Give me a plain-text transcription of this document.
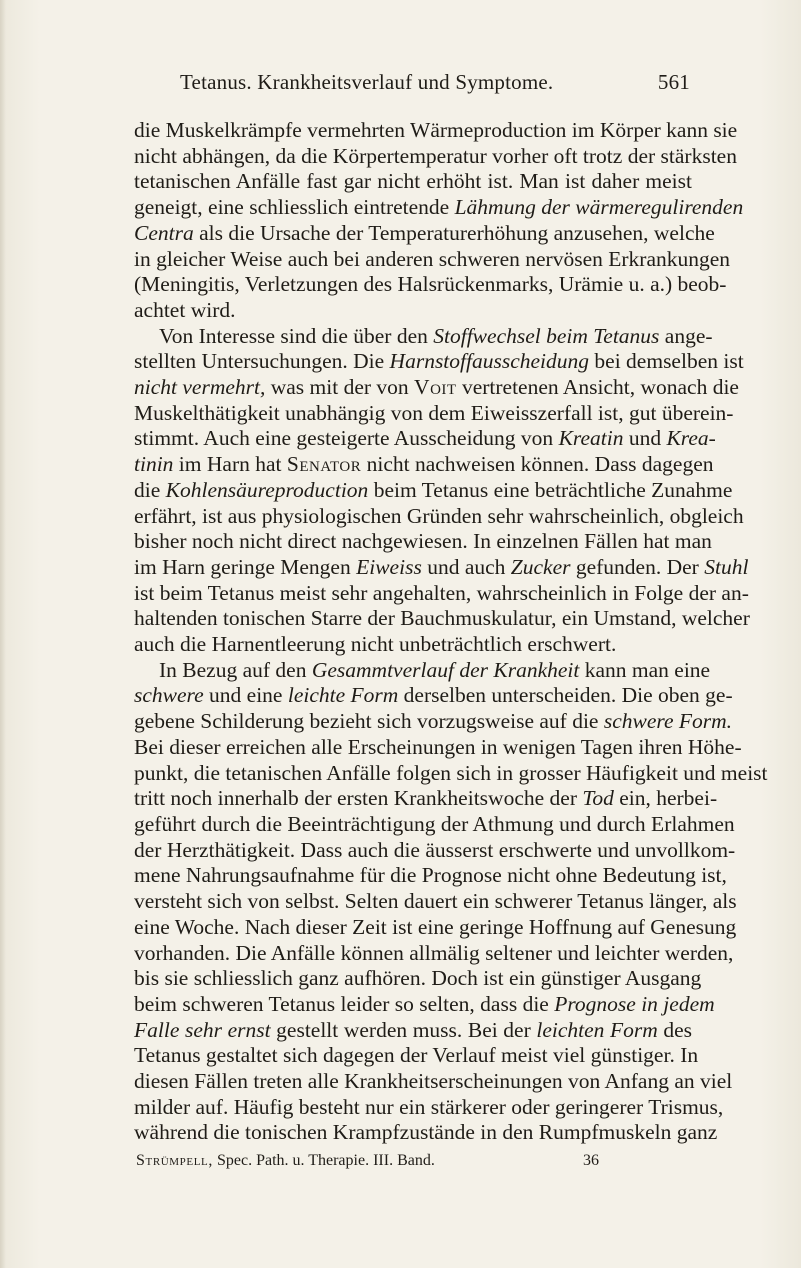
Tetanus. Krankheitsverlauf und Symptome.	561
die Muskelkrämpfe vermehrten Wärmeproduction im Körper kann sie
nicht abhängen, da die Körpertemperatur vorher oft trotz der stärksten
tetanischen Anfälle fast gar nicht erhöht ist. Man ist daher meist
geneigt, eine schliesslich eintretende Lähmung der wärmeregulirenden
Centra als die Ursache der Temperaturerhöhung anzusehen, welche
in gleicher Weise auch bei anderen schweren nervösen Erkrankungen
(Meningitis, Verletzungen des Halsrückenmarks, Urämie u. a.) beob-
achtet wird.
Von Interesse sind die über den Stoffwechsel beim Tetanus ange-
stellten Untersuchungen. Die Harnstoffausscheidung bei demselben ist
nicht vermehrt, was mit der von Voit vertretenen Ansicht, wonach die
Muskelthätigkeit unabhängig von dem Eiweisszerfall ist, gut überein-
stimmt. Auch eine gesteigerte Ausscheidung von Kreatin und Krea-
tinin im Harn hat Senator nicht nachweisen können. Dass dagegen
die Kohlensäureproduction beim Tetanus eine beträchtliche Zunahme
erfährt, ist aus physiologischen Gründen sehr wahrscheinlich, obgleich
bisher noch nicht direct nachgewiesen. In einzelnen Fällen hat man
im Harn geringe Mengen Eiweiss und auch Zucker gefunden. Der Stuhl
ist beim Tetanus meist sehr angehalten, wahrscheinlich in Folge der an-
haltenden tonischen Starre der Bauchmuskulatur, ein Umstand, welcher
auch die Harnentleerung nicht unbeträchtlich erschwert.
In Bezug auf den Gesammtverlauf der Krankheit kann man eine
schwere und eine leichte Form derselben unterscheiden. Die oben ge-
gebene Schilderung bezieht sich vorzugsweise auf die schwere Form.
Bei dieser erreichen alle Erscheinungen in wenigen Tagen ihren Höhe-
punkt, die tetanischen Anfälle folgen sich in grosser Häufigkeit und meist
tritt noch innerhalb der ersten Krankheitswoche der Tod ein, herbei-
geführt durch die Beeinträchtigung der Athmung und durch Erlahmen
der Herzthätigkeit. Dass auch die äusserst erschwerte und unvollkom-
mene Nahrungsaufnahme für die Prognose nicht ohne Bedeutung ist,
versteht sich von selbst. Selten dauert ein schwerer Tetanus länger, als
eine Woche. Nach dieser Zeit ist eine geringe Hoffnung auf Genesung
vorhanden. Die Anfälle können allmälig seltener und leichter werden,
bis sie schliesslich ganz aufhören. Doch ist ein günstiger Ausgang
beim schweren Tetanus leider so selten, dass die Prognose in jedem
Falle sehr ernst gestellt werden muss. Bei der leichten Form des
Tetanus gestaltet sich dagegen der Verlauf meist viel günstiger. In
diesen Fällen treten alle Krankheitserscheinungen von Anfang an viel
milder auf. Häufig besteht nur ein stärkerer oder geringerer Trismus,
während die tonischen Krampfzustände in den Rumpfmuskeln ganz
Strümpell, Spec. Path. u. Therapie. III. Band.	36
